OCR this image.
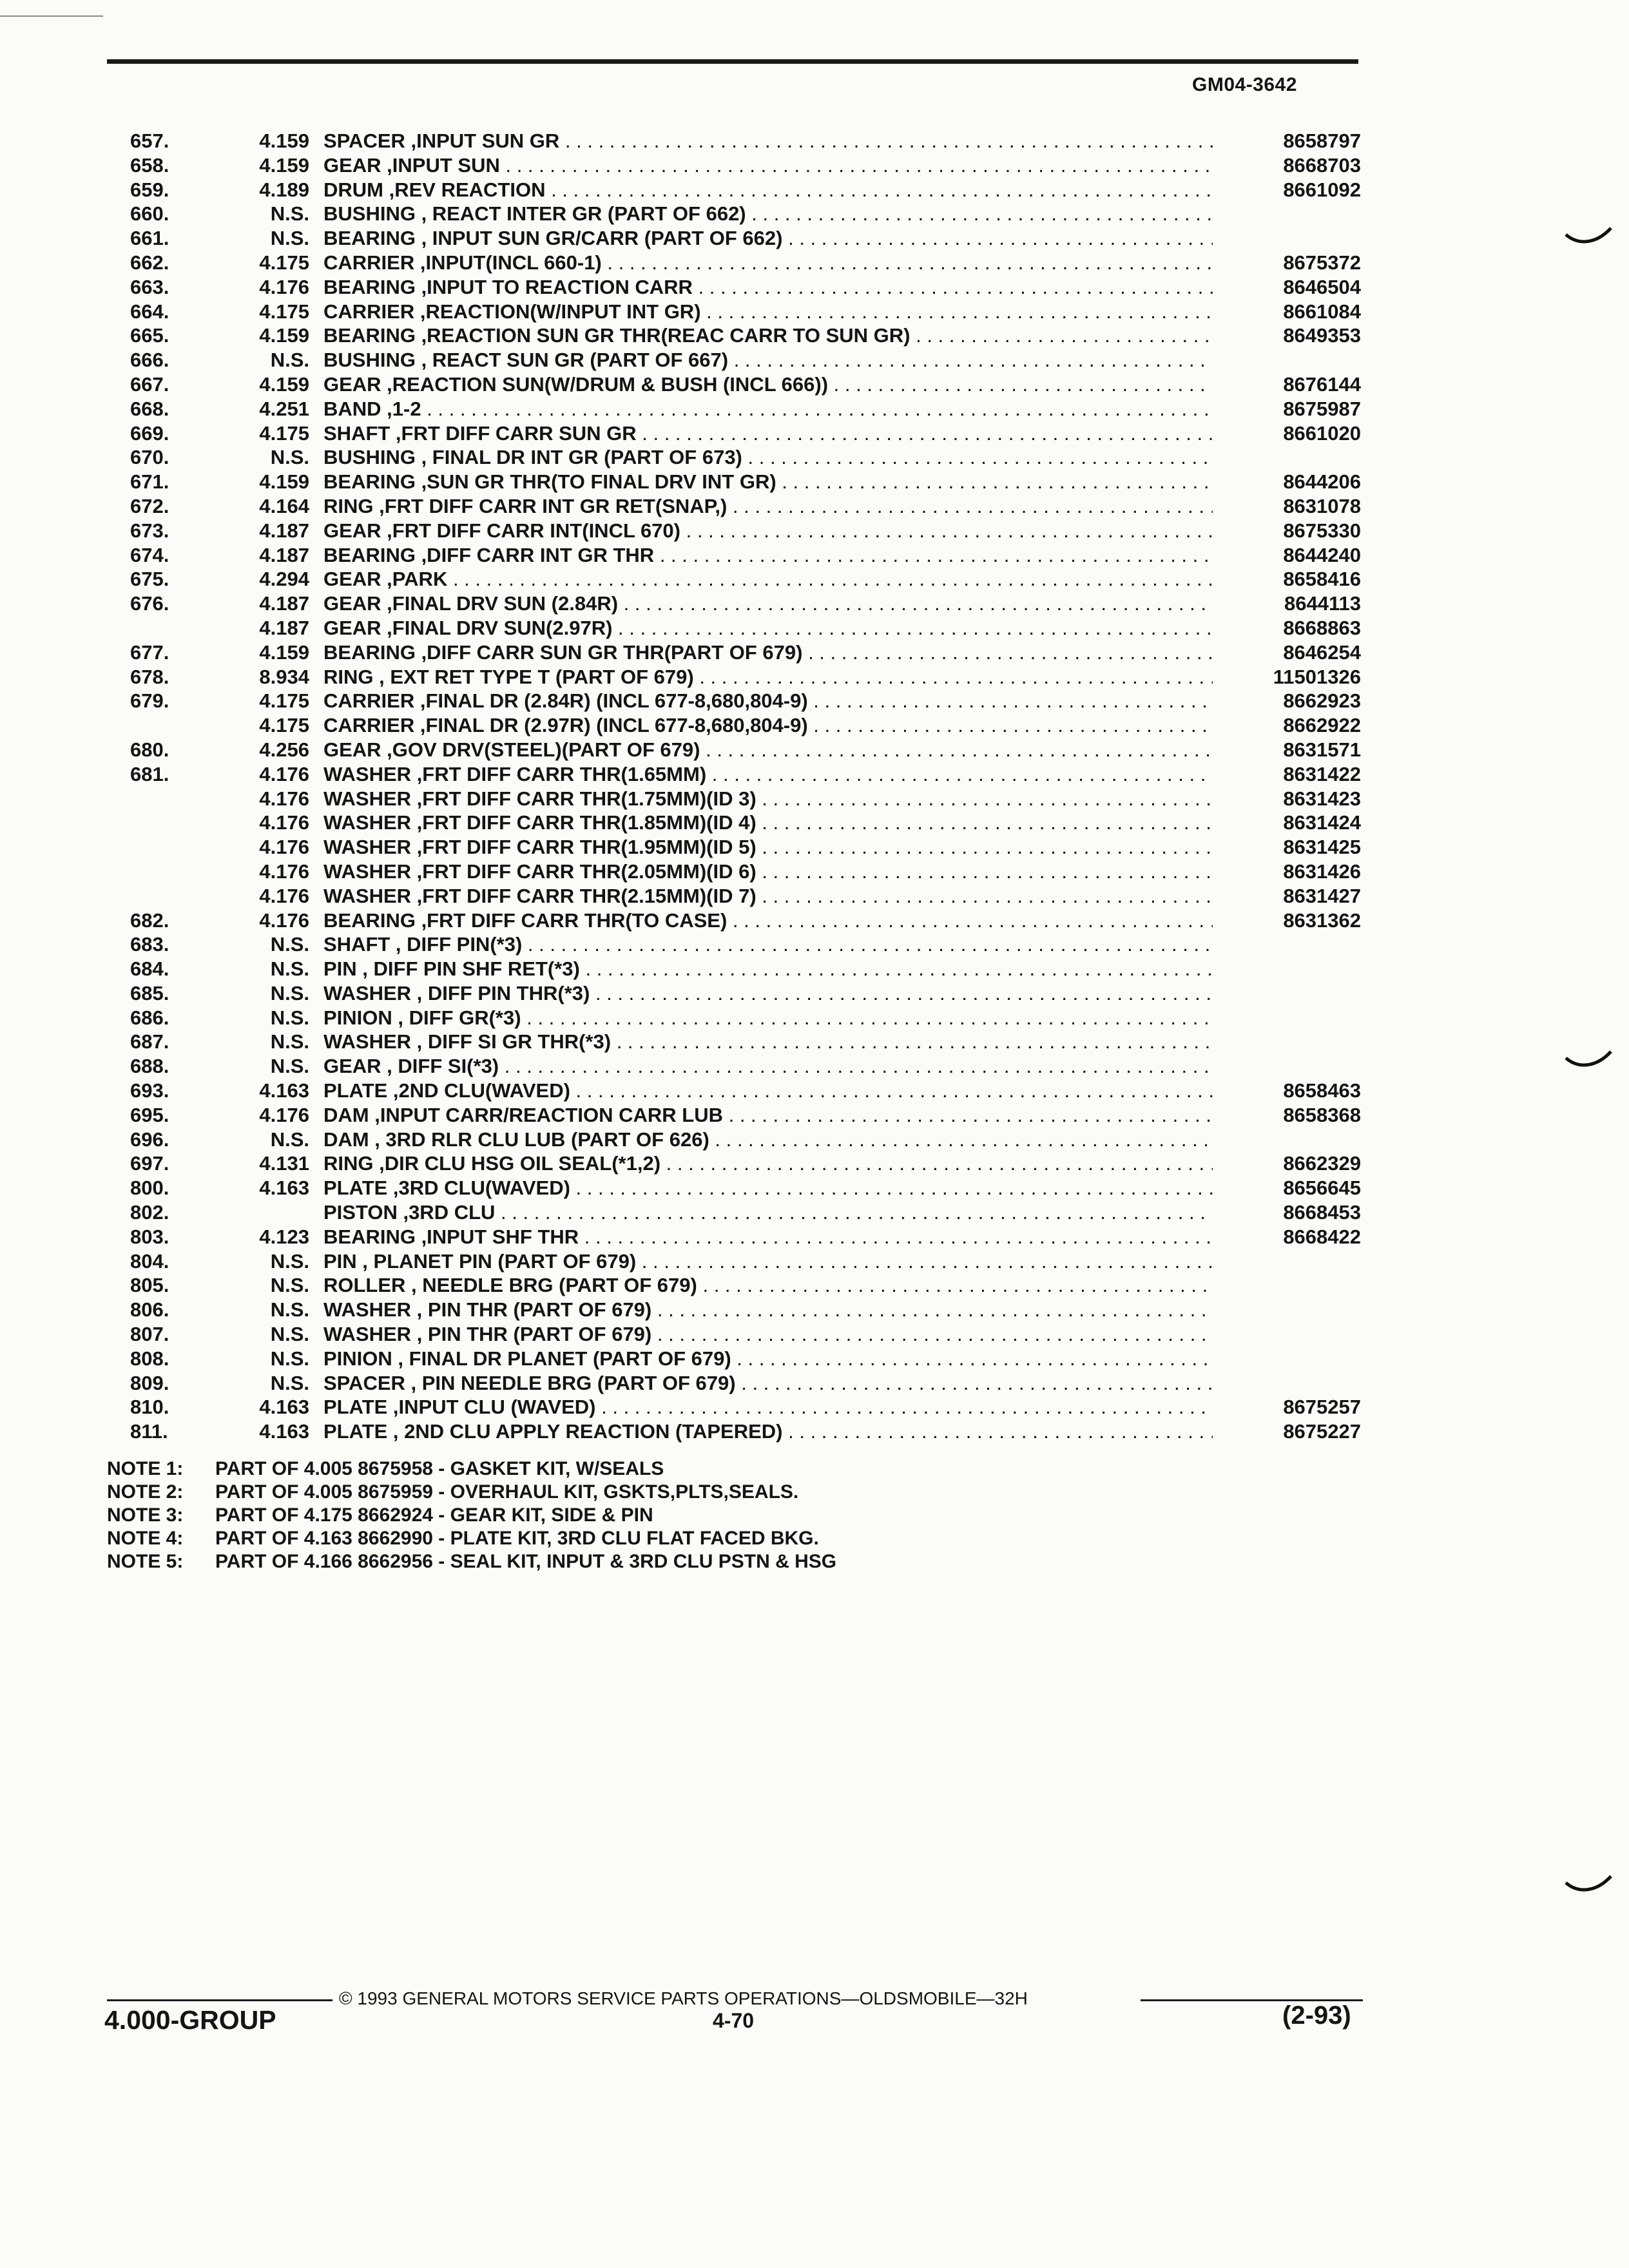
GM04-3642
657.	4.159 SPACER ,INPUT SUN GR . . .	8658797
658.	4.159 GEAR ,INPUT SUN . . .	8668703
659.	4.189 DRUM ,REV REACTION . . .	8661092
660.	N.S. BUSHING , REACT INTER GR (PART OF 662) . . .
661.	N.S. BEARING , INPUT SUN GR/CARR (PART OF 662) . . .
662.	4.175 CARRIER ,INPUT(INCL 660-1) . . .	8675372
663.	4.176 BEARING ,INPUT TO REACTION CARR . . .	8646504
664.	4.175 CARRIER ,REACTION(W/INPUT INT GR) . . .	8661084
665.	4.159 BEARING ,REACTION SUN GR THR(REAC CARR TO SUN GR) . . .	8649353
666.	N.S. BUSHING , REACT SUN GR (PART OF 667) . . .
667.	4.159 GEAR ,REACTION SUN(W/DRUM & BUSH (INCL 666)) . . .	8676144
668.	4.251 BAND ,1-2 . . .	8675987
669.	4.175 SHAFT ,FRT DIFF CARR SUN GR . . .	8661020
670.	N.S. BUSHING , FINAL DR INT GR (PART OF 673) . . .
671.	4.159 BEARING ,SUN GR THR(TO FINAL DRV INT GR) . . .	8644206
672.	4.164 RING ,FRT DIFF CARR INT GR RET(SNAP,) . . .	8631078
673.	4.187 GEAR ,FRT DIFF CARR INT(INCL 670) . . .	8675330
674.	4.187 BEARING ,DIFF CARR INT GR THR . . .	8644240
675.	4.294 GEAR ,PARK . . .	8658416
676.	4.187 GEAR ,FINAL DRV SUN (2.84R) . . .	8644113
4.187 GEAR ,FINAL DRV SUN(2.97R) . . .	8668863
677.	4.159 BEARING ,DIFF CARR SUN GR THR(PART OF 679) . . .	8646254
678.	8.934 RING , EXT RET TYPE T (PART OF 679) . . .	11501326
679.	4.175 CARRIER ,FINAL DR (2.84R) (INCL 677-8,680,804-9) . . .	8662923
4.175 CARRIER ,FINAL DR (2.97R) (INCL 677-8,680,804-9) . . .	8662922
680.	4.256 GEAR ,GOV DRV(STEEL)(PART OF 679) . . .	8631571
681.	4.176 WASHER ,FRT DIFF CARR THR(1.65MM) . . .	8631422
4.176 WASHER ,FRT DIFF CARR THR(1.75MM)(ID 3) . . .	8631423
4.176 WASHER ,FRT DIFF CARR THR(1.85MM)(ID 4) . . .	8631424
4.176 WASHER ,FRT DIFF CARR THR(1.95MM)(ID 5) . . .	8631425
4.176 WASHER ,FRT DIFF CARR THR(2.05MM)(ID 6) . . .	8631426
4.176 WASHER ,FRT DIFF CARR THR(2.15MM)(ID 7) . . .	8631427
682.	4.176 BEARING ,FRT DIFF CARR THR(TO CASE) . . .	8631362
683.	N.S. SHAFT , DIFF PIN(*3) . . .
684.	N.S. PIN , DIFF PIN SHF RET(*3) . . .
685.	N.S. WASHER , DIFF PIN THR(*3) . . .
686.	N.S. PINION , DIFF GR(*3) . . .
687.	N.S. WASHER , DIFF SI GR THR(*3) . . .
688.	N.S. GEAR , DIFF SI(*3) . . .
693.	4.163 PLATE ,2ND CLU(WAVED) . . .	8658463
695.	4.176 DAM ,INPUT CARR/REACTION CARR LUB . . .	8658368
696.	N.S. DAM , 3RD RLR CLU LUB (PART OF 626) . . .
697.	4.131 RING ,DIR CLU HSG OIL SEAL(*1,2) . . .	8662329
800.	4.163 PLATE ,3RD CLU(WAVED) . . .	8656645
802.	PISTON ,3RD CLU . . .	8668453
803.	4.123 BEARING ,INPUT SHF THR . . .	8668422
804.	N.S. PIN , PLANET PIN (PART OF 679) . . .
805.	N.S. ROLLER , NEEDLE BRG (PART OF 679) . . .
806.	N.S. WASHER , PIN THR (PART OF 679) . . .
807.	N.S. WASHER , PIN THR (PART OF 679) . . .
808.	N.S. PINION , FINAL DR PLANET (PART OF 679) . . .
809.	N.S. SPACER , PIN NEEDLE BRG (PART OF 679) . . .
810.	4.163 PLATE ,INPUT CLU (WAVED) . . .	8675257
811.	4.163 PLATE , 2ND CLU APPLY REACTION (TAPERED) . . .	8675227
NOTE 1: PART OF 4.005 8675958 - GASKET KIT, W/SEALS
NOTE 2: PART OF 4.005 8675959 - OVERHAUL KIT, GSKTS,PLTS,SEALS.
NOTE 3: PART OF 4.175 8662924 - GEAR KIT, SIDE & PIN
NOTE 4: PART OF 4.163 8662990 - PLATE KIT, 3RD CLU FLAT FACED BKG.
NOTE 5: PART OF 4.166 8662956 - SEAL KIT, INPUT & 3RD CLU PSTN & HSG
© 1993 GENERAL MOTORS SERVICE PARTS OPERATIONS—OLDSMOBILE—32H
4.000-GROUP	4-70	(2-93)
